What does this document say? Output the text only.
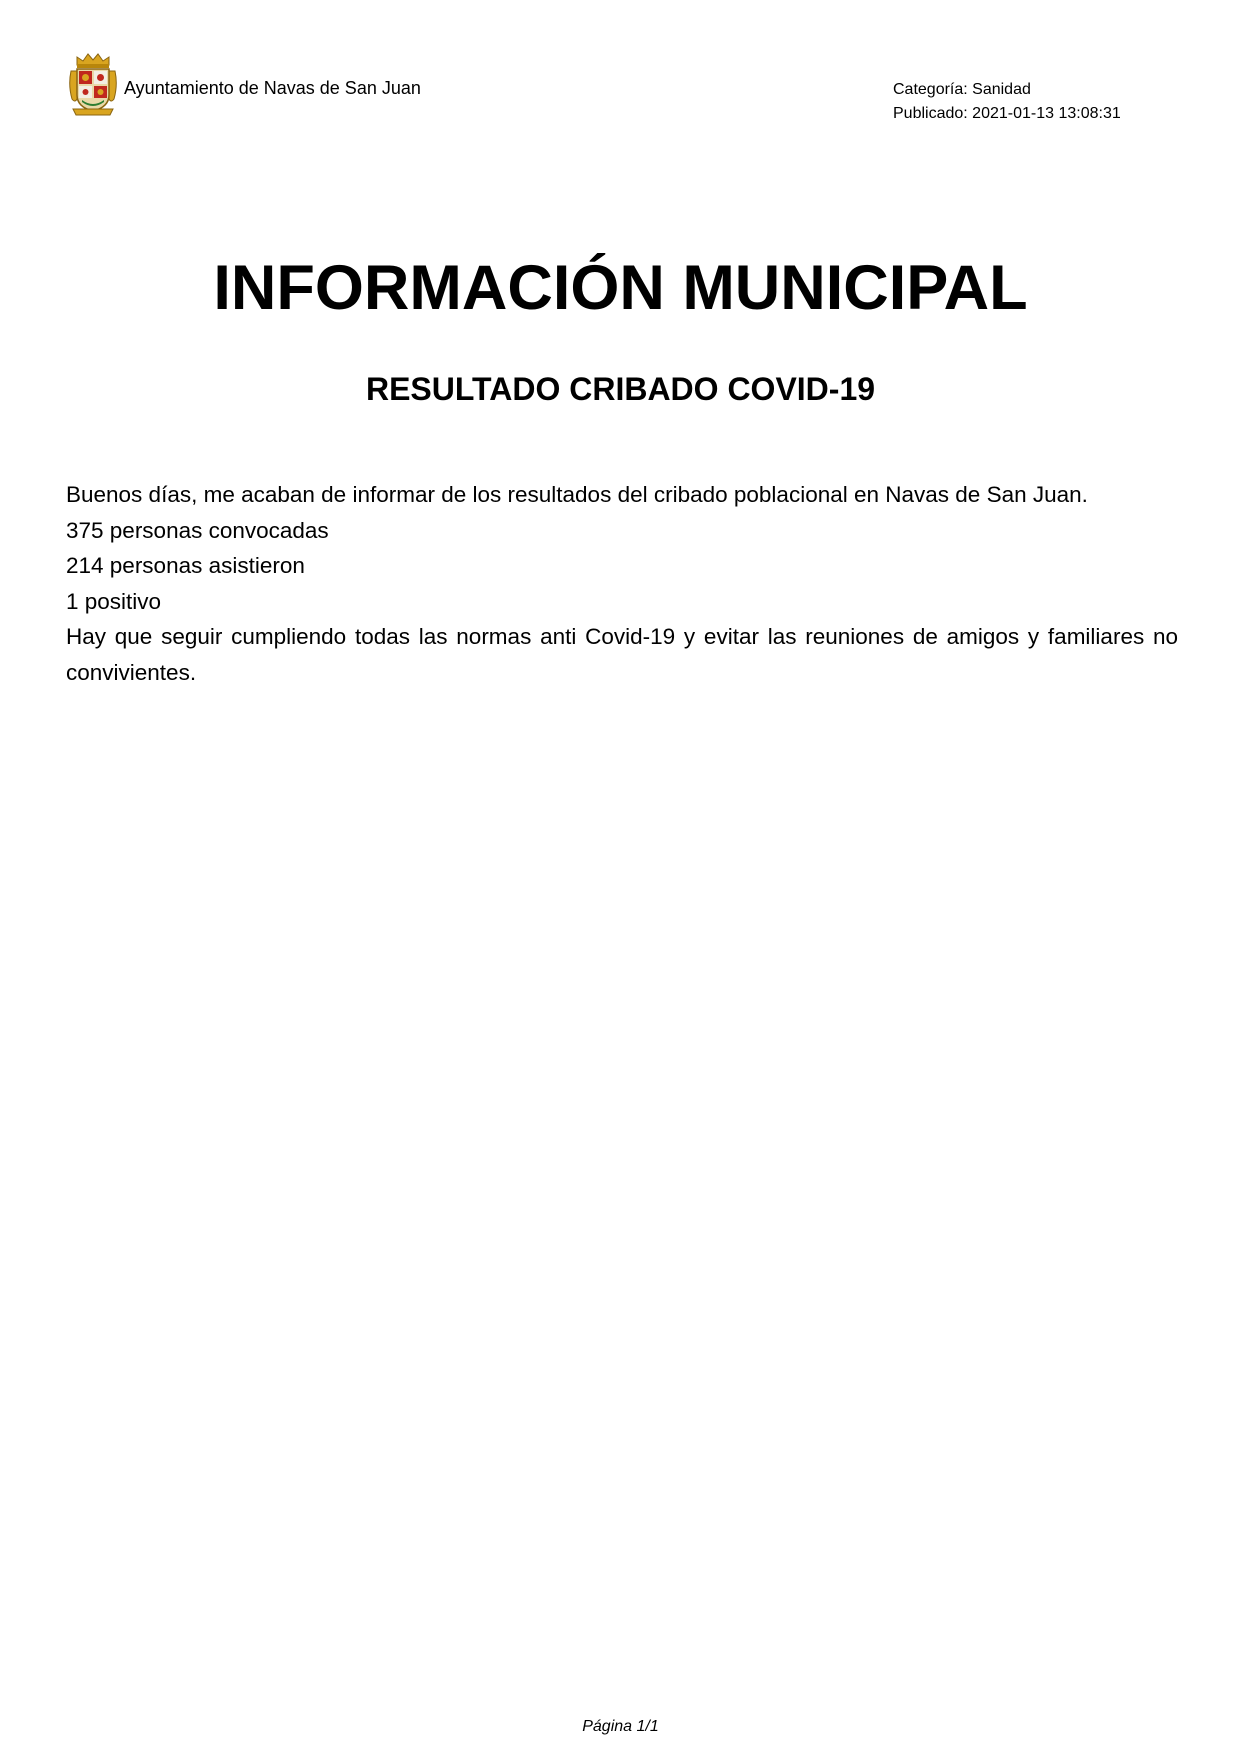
Ayuntamiento de Navas de San Juan	Categoría: Sanidad
Publicado: 2021-01-13 13:08:31
INFORMACIÓN MUNICIPAL
RESULTADO CRIBADO COVID-19

Buenos días, me acaban de informar de los resultados del cribado poblacional en Navas de San Juan.

375 personas convocadas

214 personas asistieron

1 positivo

Hay que seguir cumpliendo todas las normas anti Covid-19 y evitar las reuniones de amigos y familiares no convivientes.

Página 1/1
